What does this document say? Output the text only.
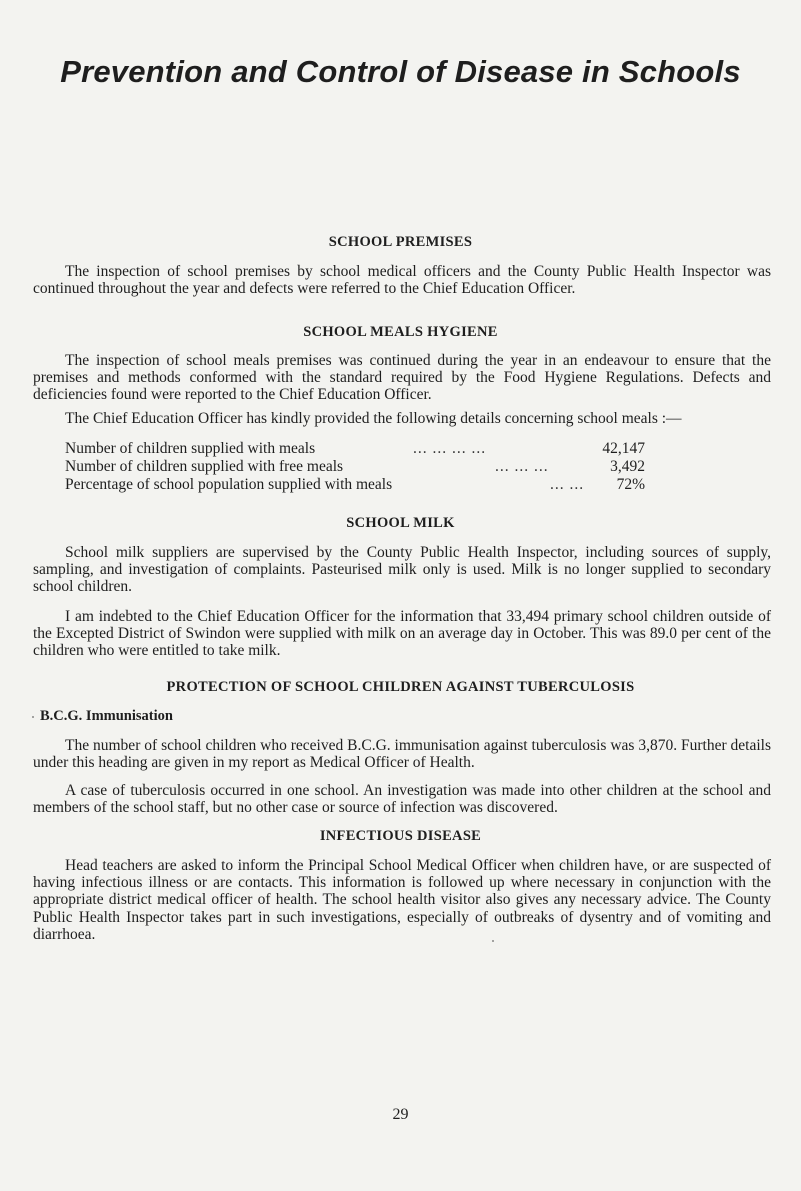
Prevention and Control of Disease in Schools
SCHOOL PREMISES

The inspection of school premises by school medical officers and the County Public Health Inspector was continued throughout the year and defects were referred to the Chief Education Officer.

SCHOOL MEALS HYGIENE

The inspection of school meals premises was continued during the year in an endeavour to ensure that the premises and methods conformed with the standard required by the Food Hygiene Regulations. Defects and deficiencies found were reported to the Chief Education Officer.

The Chief Education Officer has kindly provided the following details concerning school meals :—

Number of children supplied with meals	... ... ... ...	42,147
Number of children supplied with free meals	... ... ...	3,492
Percentage of school population supplied with meals	... ... 72%
SCHOOL MILK

School milk suppliers are supervised by the County Public Health Inspector, including sources of supply, sampling, and investigation of complaints. Pasteurised milk only is used. Milk is no longer supplied to secondary school children.

I am indebted to the Chief Education Officer for the information that 33,494 primary school children outside of the Excepted District of Swindon were supplied with milk on an average day in October. This was 89.0 per cent of the children who were entitled to take milk.

PROTECTION OF SCHOOL CHILDREN AGAINST TUBERCULOSIS
B.C.G. Immunisation

The number of school children who received B.C.G. immunisation against tuberculosis was 3,870. Further details under this heading are given in my report as Medical Officer of Health.

A case of tuberculosis occurred in one school. An investigation was made into other children at the school and members of the school staff, but no other case or source of infection was discovered.

INFECTIOUS DISEASE

Head teachers are asked to inform the Principal School Medical Officer when children have, or are suspected of having infectious illness or are contacts. This information is followed up where necessary in conjunction with the appropriate district medical officer of health. The school health visitor also gives any necessary advice. The County Public Health Inspector takes part in such investigations, especially of outbreaks of dysentry and of vomiting and diarrhoea.

29
